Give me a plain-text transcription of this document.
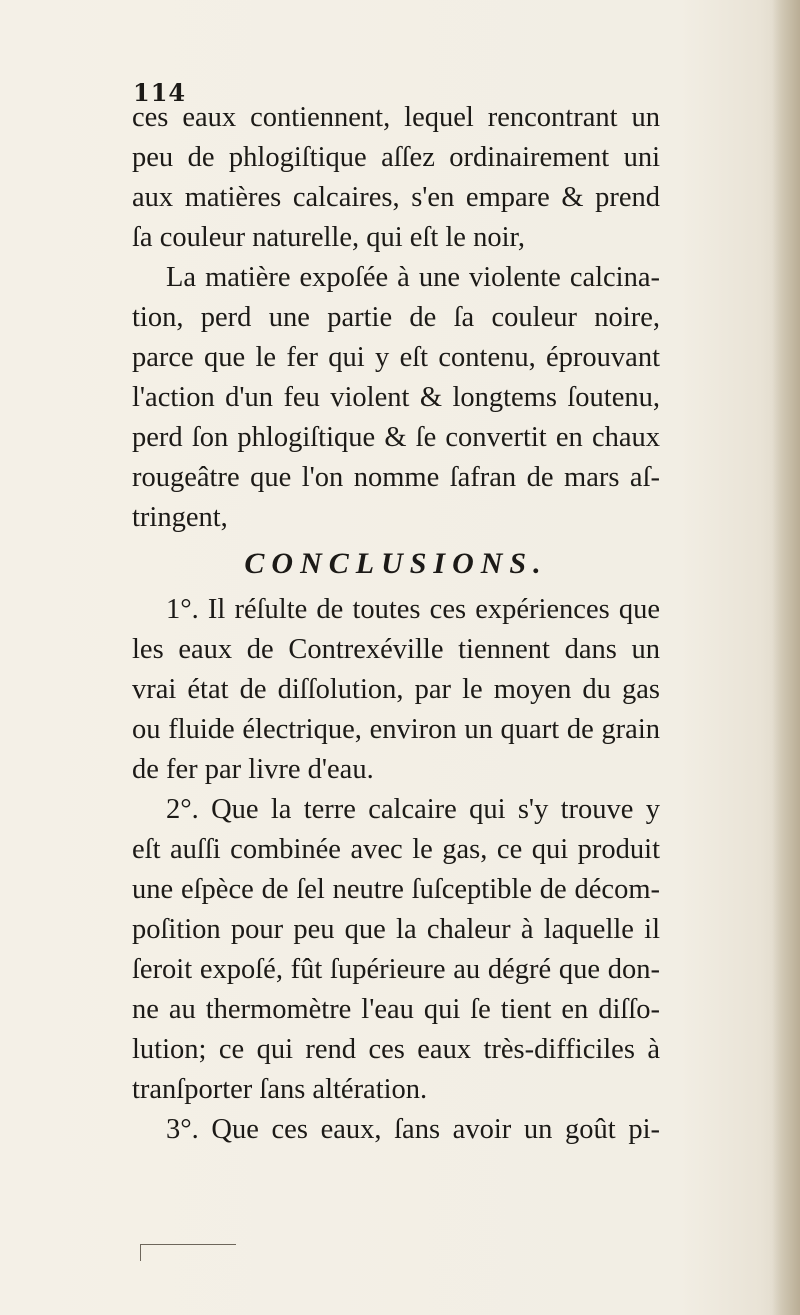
114
ces eaux contiennent, lequel rencontrant un
peu de phlogiſtique aſſez ordinairement uni
aux matières calcaires, s'en empare & prend
ſa couleur naturelle, qui eſt le noir,
La matière expoſée à une violente calcina-
tion, perd une partie de ſa couleur noire,
parce que le fer qui y eſt contenu, éprouvant
l'action d'un feu violent & longtems ſoutenu,
perd ſon phlogiſtique & ſe convertit en chaux
rougeâtre que l'on nomme ſafran de mars aſ-
tringent,
CONCLUSIONS.
1°. Il réſulte de toutes ces expériences que
les eaux de Contrexéville tiennent dans un
vrai état de diſſolution, par le moyen du gas
ou fluide électrique, environ un quart de grain
de fer par livre d'eau.
2°. Que la terre calcaire qui s'y trouve y
eſt auſſi combinée avec le gas, ce qui produit
une eſpèce de ſel neutre ſuſceptible de décom-
poſition pour peu que la chaleur à laquelle il
ſeroit expoſé, fût ſupérieure au dégré que don-
ne au thermomètre l'eau qui ſe tient en diſſo-
lution; ce qui rend ces eaux très-difficiles à
tranſporter ſans altération.
3°. Que ces eaux, ſans avoir un goût pi-
